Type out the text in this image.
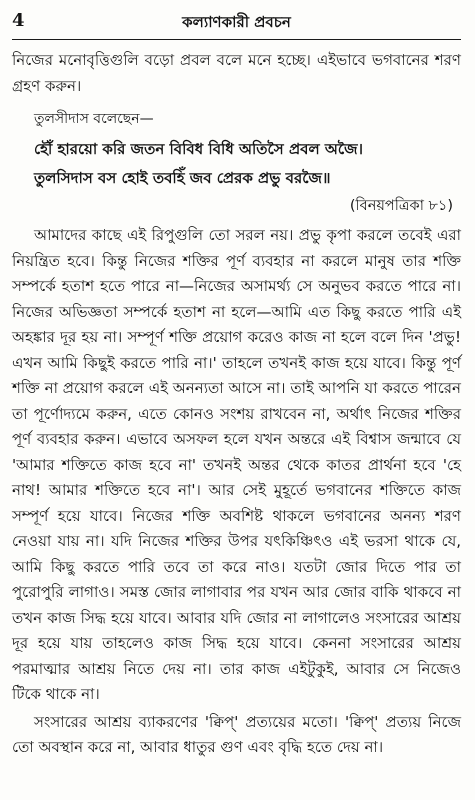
4	কল্যাণকারী প্রবচন

নিজের মনোবৃত্তিগুলি বড়ো প্রবল বলে মনে হচ্ছে। এইভাবে ভগবানের শরণ গ্রহণ করুন।

তুলসীদাস বলেছেন—

হৌঁ হারয়ো করি জতন বিবিধ বিধি অতিসৈ প্রবল অজৈ।

তুলসিদাস বস হোই তবহিঁ জব প্রেরক প্রভু বরজৈ॥

(বিনয়পত্রিকা ৮১)

আমাদের কাছে এই রিপুগুলি তো সরল নয়। প্রভু কৃপা করলে তবেই এরা নিয়ন্ত্রিত হবে। কিন্তু নিজের শক্তির পূর্ণ ব্যবহার না করলে মানুষ তার শক্তি সম্পর্কে হতাশ হতে পারে না—নিজের অসামর্থ্য সে অনুভব করতে পারে না। নিজের অভিজ্ঞতা সম্পর্কে হতাশ না হলে—আমি এত কিছু করতে পারি এই অহঙ্কার দূর হয় না। সম্পূর্ণ শক্তি প্রয়োগ করেও কাজ না হলে বলে দিন 'প্রভু! এখন আমি কিছুই করতে পারি না।' তাহলে তখনই কাজ হয়ে যাবে। কিন্তু পূর্ণ শক্তি না প্রয়োগ করলে এই অনন্যতা আসে না। তাই আপনি যা করতে পারেন তা পূর্ণোদ্যমে করুন, এতে কোনও সংশয় রাখবেন না, অর্থাৎ নিজের শক্তির পূর্ণ ব্যবহার করুন। এভাবে অসফল হলে যখন অন্তরে এই বিশ্বাস জন্মাবে যে 'আমার শক্তিতে কাজ হবে না' তখনই অন্তর থেকে কাতর প্রার্থনা হবে 'হে নাথ! আমার শক্তিতে হবে না'। আর সেই মুহূর্তে ভগবানের শক্তিতে কাজ সম্পূর্ণ হয়ে যাবে। নিজের শক্তি অবশিষ্ট থাকলে ভগবানের অনন্য শরণ নেওয়া যায় না। যদি নিজের শক্তির উপর যৎকিঞ্চিৎও এই ভরসা থাকে যে, আমি কিছু করতে পারি তবে তা করে নাও। যতটা জোর দিতে পার তা পুরোপুরি লাগাও। সমস্ত জোর লাগাবার পর যখন আর জোর বাকি থাকবে না তখন কাজ সিদ্ধ হয়ে যাবে। আবার যদি জোর না লাগালেও সংসারের আশ্রয় দূর হয়ে যায় তাহলেও কাজ সিদ্ধ হয়ে যাবে। কেননা সংসারের আশ্রয় পরমাত্মার আশ্রয় নিতে দেয় না। তার কাজ এইটুকুই, আবার সে নিজেও টিকে থাকে না।

সংসারের আশ্রয় ব্যাকরণের 'ক্বিপ্' প্রত্যয়ের মতো। 'ক্বিপ্' প্রত্যয় নিজে তো অবস্থান করে না, আবার ধাতুর গুণ এবং বৃদ্ধি হতে দেয় না।
